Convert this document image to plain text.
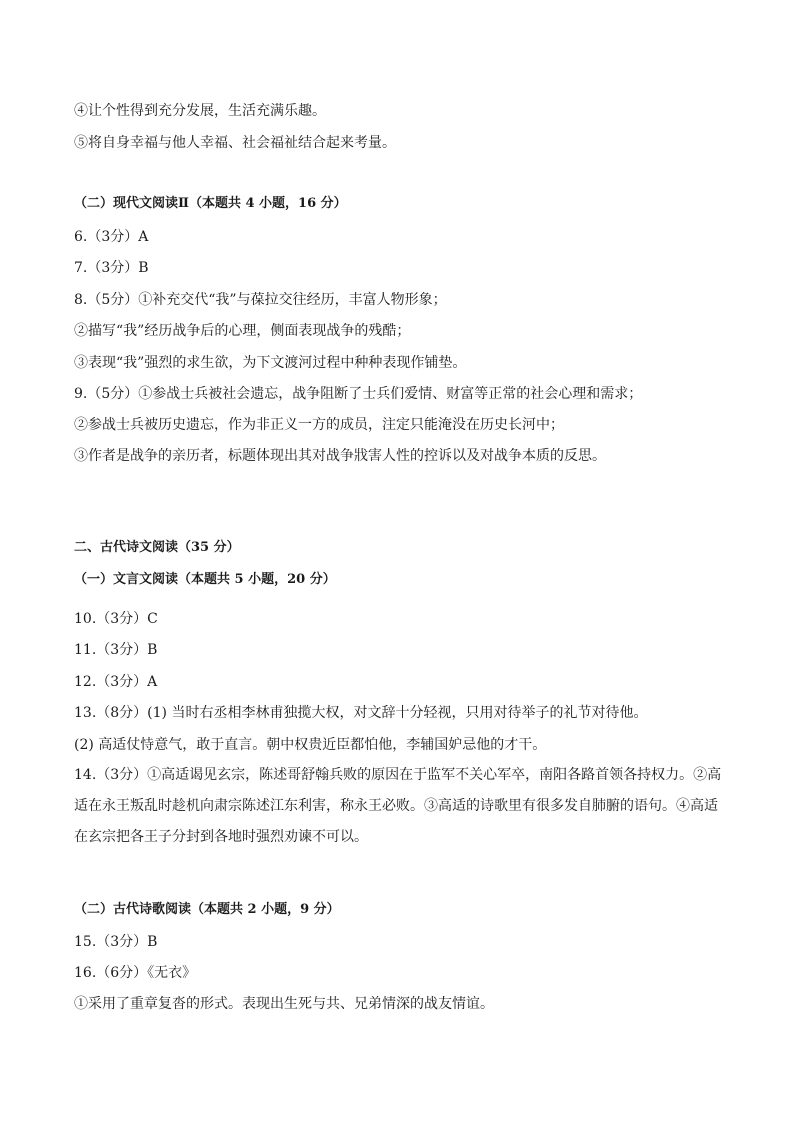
④让个性得到充分发展，生活充满乐趣。
⑤将自身幸福与他人幸福、社会福祉结合起来考量。
（二）现代文阅读Ⅱ（本题共 4 小题，16 分）
6.（3分）A
7.（3分）B
8.（5分）①补充交代“我”与葆拉交往经历，丰富人物形象；
②描写“我”经历战争后的心理，侧面表现战争的残酷；
③表现“我”强烈的求生欲，为下文渡河过程中种种表现作铺垫。
9.（5分）①参战士兵被社会遗忘，战争阻断了士兵们爱情、财富等正常的社会心理和需求；
②参战士兵被历史遗忘，作为非正义一方的成员，注定只能淹没在历史长河中；
③作者是战争的亲历者，标题体现出其对战争戕害人性的控诉以及对战争本质的反思。
二、古代诗文阅读（35 分）
（一）文言文阅读（本题共 5 小题，20 分）
10.（3分）C
11.（3分）B
12.（3分）A
13.（8分）(1) 当时右丞相李林甫独揽大权，对文辞十分轻视，只用对待举子的礼节对待他。
(2) 高适仗恃意气，敢于直言。朝中权贵近臣都怕他，李辅国妒忌他的才干。
14.（3分）①高适谒见玄宗，陈述哥舒翰兵败的原因在于监军不关心军卒，南阳各路首领各持权力。②高适在永王叛乱时趁机向肃宗陈述江东利害，称永王必败。③高适的诗歌里有很多发自肺腑的语句。④高适在玄宗把各王子分封到各地时强烈劝谏不可以。
（二）古代诗歌阅读（本题共 2 小题，9 分）
15.（3分）B
16.（6分）《无衣》
①采用了重章复沓的形式。表现出生死与共、兄弟情深的战友情谊。
